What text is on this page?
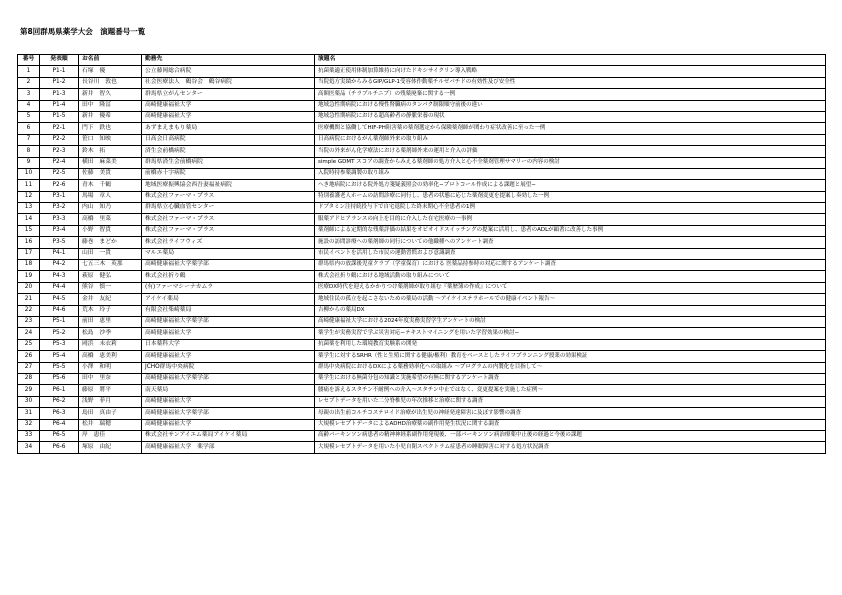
第8回群馬県薬学大会　演題番号一覧
番号	発表順	お名前	勤務先	演題名
1	P1-1	石塚　優	公立藤岡総合病院	抗菌薬適正使用体制加算維持に向けたドキシサイクリン導入戦略
2	P1-2	長谷川　敦也	社会医療法人　鶴谷会　鶴谷病院	当院処方実績からみるGIP/GLP-1受容体作動薬チルゼパチドの有効性及び安全性
3	P1-3	新井　智久	群馬県立がんセンター	高額医薬品（チラブルチニブ）の残薬廃棄に関する一例
4	P1-4	田中　隆冨	高崎健康福祉大学	地域急性期病院における慢性腎臓病のタンパク制限順守前後の違い
5	P1-5	新井　優希	高崎健康福祉大学	地域急性期病院における超高齢者の静脈栄養の現状
6	P2-1	門下　鉄也	あずまえまもり薬局	医療機関と協働してHIF-PH阻害薬の薬剤選定から保険薬剤師が関わり症状改善に至った一例
7	P2-2	笹口　知映	日高会日高病院	日高病院におけるがん薬剤師外来の取り組み
8	P2-3	鈴木　拓	済生会前橋病院	当院の外来がん化学療法における薬剤師外来の運用と介入の評価
9	P2-4	横田　麻菜美	群馬県済生会前橋病院	simple GDMT スコアの調査からみえる薬剤師の処方介入と心不全薬剤管理サマリーの内容の検討
10	P2-5	佐藤　美貴	前橋赤十字病院	入院時持参薬調製の取り組み
11	P2-6	青木　千鶴	地域医療振興協会西吾妻福祉病院	へき地病院における院外処方箋疑義照会の効率化−プロトコール作成による課題と展望−
12	P3-1	馬場　章人	株式会社ファーマ・プラス	特別養護老人ホームの訪問診療に同行し、患者の状態に応じた薬剤変更を提案し奏効した一例
13	P3-2	内山　知乃	群馬県立心臓血管センター	ドブタミン注持続投与下で自宅退院した終末期心不全患者の1例
14	P3-3	高橋　里菜	株式会社ファーマ・プラス	服薬アドヒアランスの向上を目的に介入した在宅医療の一事例
15	P3-4	小野　智貴	株式会社ファーマ・プラス	薬剤師による定期的な残薬評価の結果をオピオイドスイッチングの提案に活用し、患者のADLが顕著に改善した事例
16	P3-5	藤巻　まどか	株式会社ライフウィズ	施設の訪問診療への薬剤師の同行についての他職種へのアンケート調査
17	P4-1	山田　一貴	マルエ薬局	市民イベントを活用した市民の運動習慣および意識調査
18	P4-2	七五三木　英那	高崎健康福祉大学薬学部	群馬県内の放課後児童クラブ（学童保育）における 医薬品持参時の対応に関するアンケート調査
19	P4-3	萩原　健弘	株式会社折り鶴	株式会社折り鶴における地域活動の取り組みについて
20	P4-4	熊谷　慎一	(有)ファーマシーナカムラ	医療DX時代を迎えるかかりつけ薬剤師が取り組む『薬歴簿の作成』について
21	P4-5	金井　友紀	アイケイ薬局	地域住民の孤立を起こさないための薬局の活動 〜アイケイステラホールでの健康イベント報告〜
22	P4-6	荒木　玲子	有限会社柴崎薬局	吉柳からの薬局DX
23	P5-1	前田　恵里	高崎健康福祉大学薬学部	高崎健康福祉大学における2024年度実務実習学生アンケートの検討
24	P5-2	松島　沙季	高崎健康福祉大学	薬学生が実務実習で学ぶ災害対応−テキストマイニングを用いた学習効果の検討−
25	P5-3	岡浜　未衣莉	日本薬科大学	抗菌薬を利用した環境教育実験系の開発
26	P5-4	高橋　恵美利	高崎健康福祉大学	薬学生に対するSRHR（性と生殖に関する健康/権利）教育をベースとしたライフプランニング授業の効果検証
27	P5-5	小澤　和明	JCHO群馬中央病院	群馬中央病院におけるDXによる薬務効率化への取組み 〜プログラムの内製化を目指して〜
28	P5-6	田中　里奈	高崎健康福祉大学薬学部	薬学生における無菌分包の知識と実施希望の有無に関するアンケート調査
29	P6-1	藤原　將平	南天薬局	腰痛を訴えるスタチン不耐例への介入〜スタチン中止ではなく、変更提案を実施した症例〜
30	P6-2	浅野　菲月	高崎健康福祉大学	レセプトデータを用いた二分脊椎児の年次推移と治療に関する調査
31	P6-3	島田　真由子	高崎健康福祉大学薬学部	母親の出生前コルチコステロイド治療が出生児の神経発達障害に及ぼす影響の調査
32	P6-4	松井　瑞穂	高崎健康福祉大学	大規模レセプトデータによるADHD治療薬の副作用発生状況に関する調査
33	P6-5	岸　恵佳	株式会社サンアイエム薬局アイケイ薬局	高齢パーキンソン病患者の精神神経系副作用発現後、一部パーキンソン病治療薬中止後の経過と今後の課題
34	P6-6	塚原　由紀	高崎健康福祉大学　薬学部	大規模レセプトデータを用いた小児自閉スペクトラム症患者の睡眠障害に対する処方状況調査
